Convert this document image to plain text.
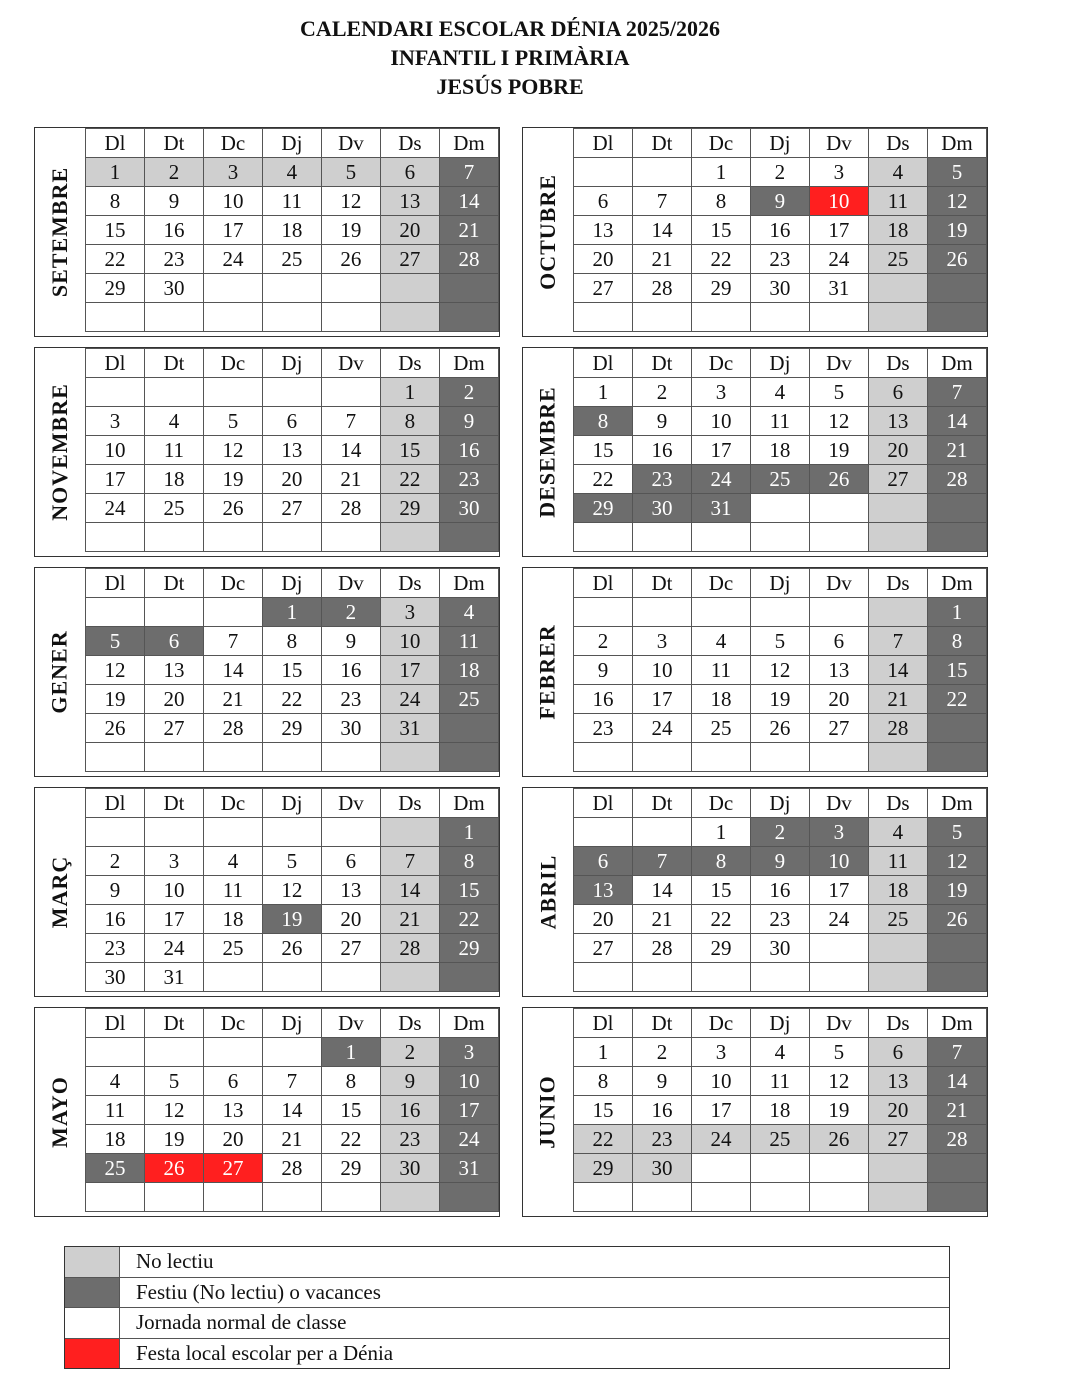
CALENDARI ESCOLAR DÉNIA 2025/2026
INFANTIL I PRIMÀRIA
JESÚS POBRE
SETEMBRE
Dl	Dt	Dc	Dj	Dv	Ds	Dm
1	2	3	4	5	6	7
8	9	10	11	12	13	14
15	16	17	18	19	20	21
22	23	24	25	26	27	28
29	30					
							OCTUBRE
Dl	Dt	Dc	Dj	Dv	Ds	Dm
		1	2	3	4	5
6	7	8	9	10	11	12
13	14	15	16	17	18	19
20	21	22	23	24	25	26
27	28	29	30	31		

NOVEMBRE
Dl	Dt	Dc	Dj	Dv	Ds	Dm
					1	2
3	4	5	6	7	8	9
10	11	12	13	14	15	16
17	18	19	20	21	22	23
24	25	26	27	28	29	30
							DESEMBRE
Dl	Dt	Dc	Dj	Dv	Ds	Dm
1	2	3	4	5	6	7
8	9	10	11	12	13	14
15	16	17	18	19	20	21
22	23	24	25	26	27	28
29	30	31				

GENER
Dl	Dt	Dc	Dj	Dv	Ds	Dm
			1	2	3	4
5	6	7	8	9	10	11
12	13	14	15	16	17	18
19	20	21	22	23	24	25
26	27	28	29	30	31	

FEBRER
Dl	Dt	Dc	Dj	Dv	Ds	Dm
						1
2	3	4	5	6	7	8
9	10	11	12	13	14	15
16	17	18	19	20	21	22
23	24	25	26	27	28	

MARÇ
Dl	Dt	Dc	Dj	Dv	Ds	Dm
						1
2	3	4	5	6	7	8
9	10	11	12	13	14	15
16	17	18	19	20	21	22
23	24	25	26	27	28	29
30	31					
ABRIL
Dl	Dt	Dc	Dj	Dv	Ds	Dm
		1	2	3	4	5
6	7	8	9	10	11	12
13	14	15	16	17	18	19
20	21	22	23	24	25	26
27	28	29	30			

MAYO
Dl	Dt	Dc	Dj	Dv	Ds	Dm
				1	2	3
4	5	6	7	8	9	10
11	12	13	14	15	16	17
18	19	20	21	22	23	24
25	26	27	28	29	30	31

JUNIO
Dl	Dt	Dc	Dj	Dv	Ds	Dm
1	2	3	4	5	6	7
8	9	10	11	12	13	14
15	16	17	18	19	20	21
22	23	24	25	26	27	28
29	30					

No lectiu
Festiu (No lectiu) o vacances
Jornada normal de classe
Festa local escolar per a Dénia
